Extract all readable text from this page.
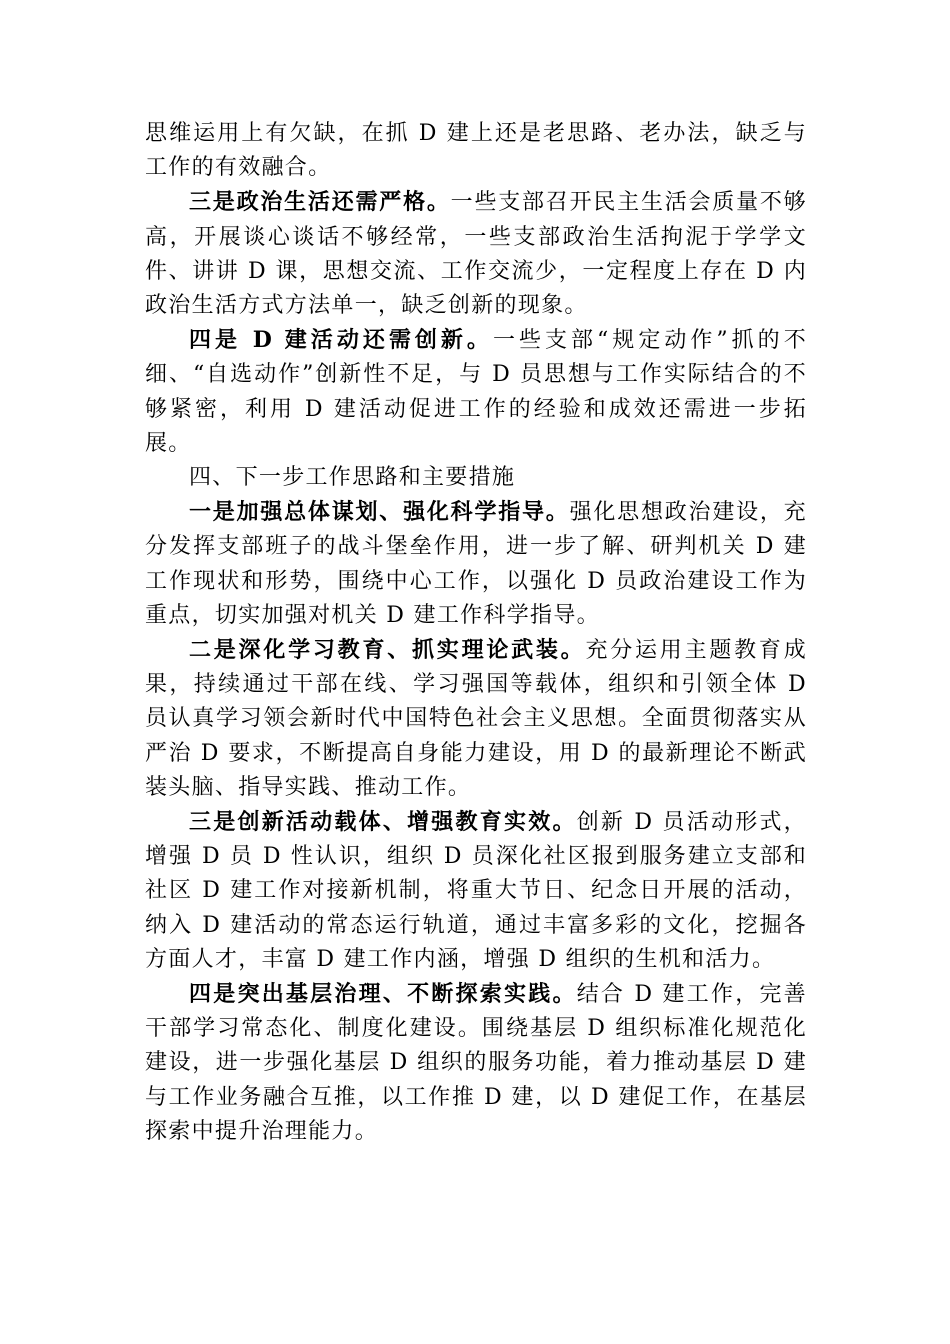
思维运用上有欠缺，在抓 D 建上还是老思路、老办法，缺乏与工作的有效融合。

三是政治生活还需严格。一些支部召开民主生活会质量不够高，开展谈心谈话不够经常，一些支部政治生活拘泥于学学文件、讲讲 D 课，思想交流、工作交流少，一定程度上存在 D 内政治生活方式方法单一，缺乏创新的现象。

四是 D 建活动还需创新。一些支部“规定动作”抓的不细、“自选动作”创新性不足，与 D 员思想与工作实际结合的不够紧密，利用 D 建活动促进工作的经验和成效还需进一步拓展。

四、下一步工作思路和主要措施

一是加强总体谋划、强化科学指导。强化思想政治建设，充分发挥支部班子的战斗堡垒作用，进一步了解、研判机关 D 建工作现状和形势，围绕中心工作，以强化 D 员政治建设工作为重点，切实加强对机关 D 建工作科学指导。

二是深化学习教育、抓实理论武装。充分运用主题教育成果，持续通过干部在线、学习强国等载体，组织和引领全体 D 员认真学习领会新时代中国特色社会主义思想。全面贯彻落实从严治 D 要求，不断提高自身能力建设，用 D 的最新理论不断武装头脑、指导实践、推动工作。

三是创新活动载体、增强教育实效。创新 D 员活动形式，增强 D 员 D 性认识，组织 D 员深化社区报到服务建立支部和社区 D 建工作对接新机制，将重大节日、纪念日开展的活动，纳入 D 建活动的常态运行轨道，通过丰富多彩的文化，挖掘各方面人才，丰富 D 建工作内涵，增强 D 组织的生机和活力。

四是突出基层治理、不断探索实践。结合 D 建工作，完善干部学习常态化、制度化建设。围绕基层 D 组织标准化规范化建设，进一步强化基层 D 组织的服务功能，着力推动基层 D 建与工作业务融合互推，以工作推 D 建，以 D 建促工作，在基层探索中提升治理能力。
